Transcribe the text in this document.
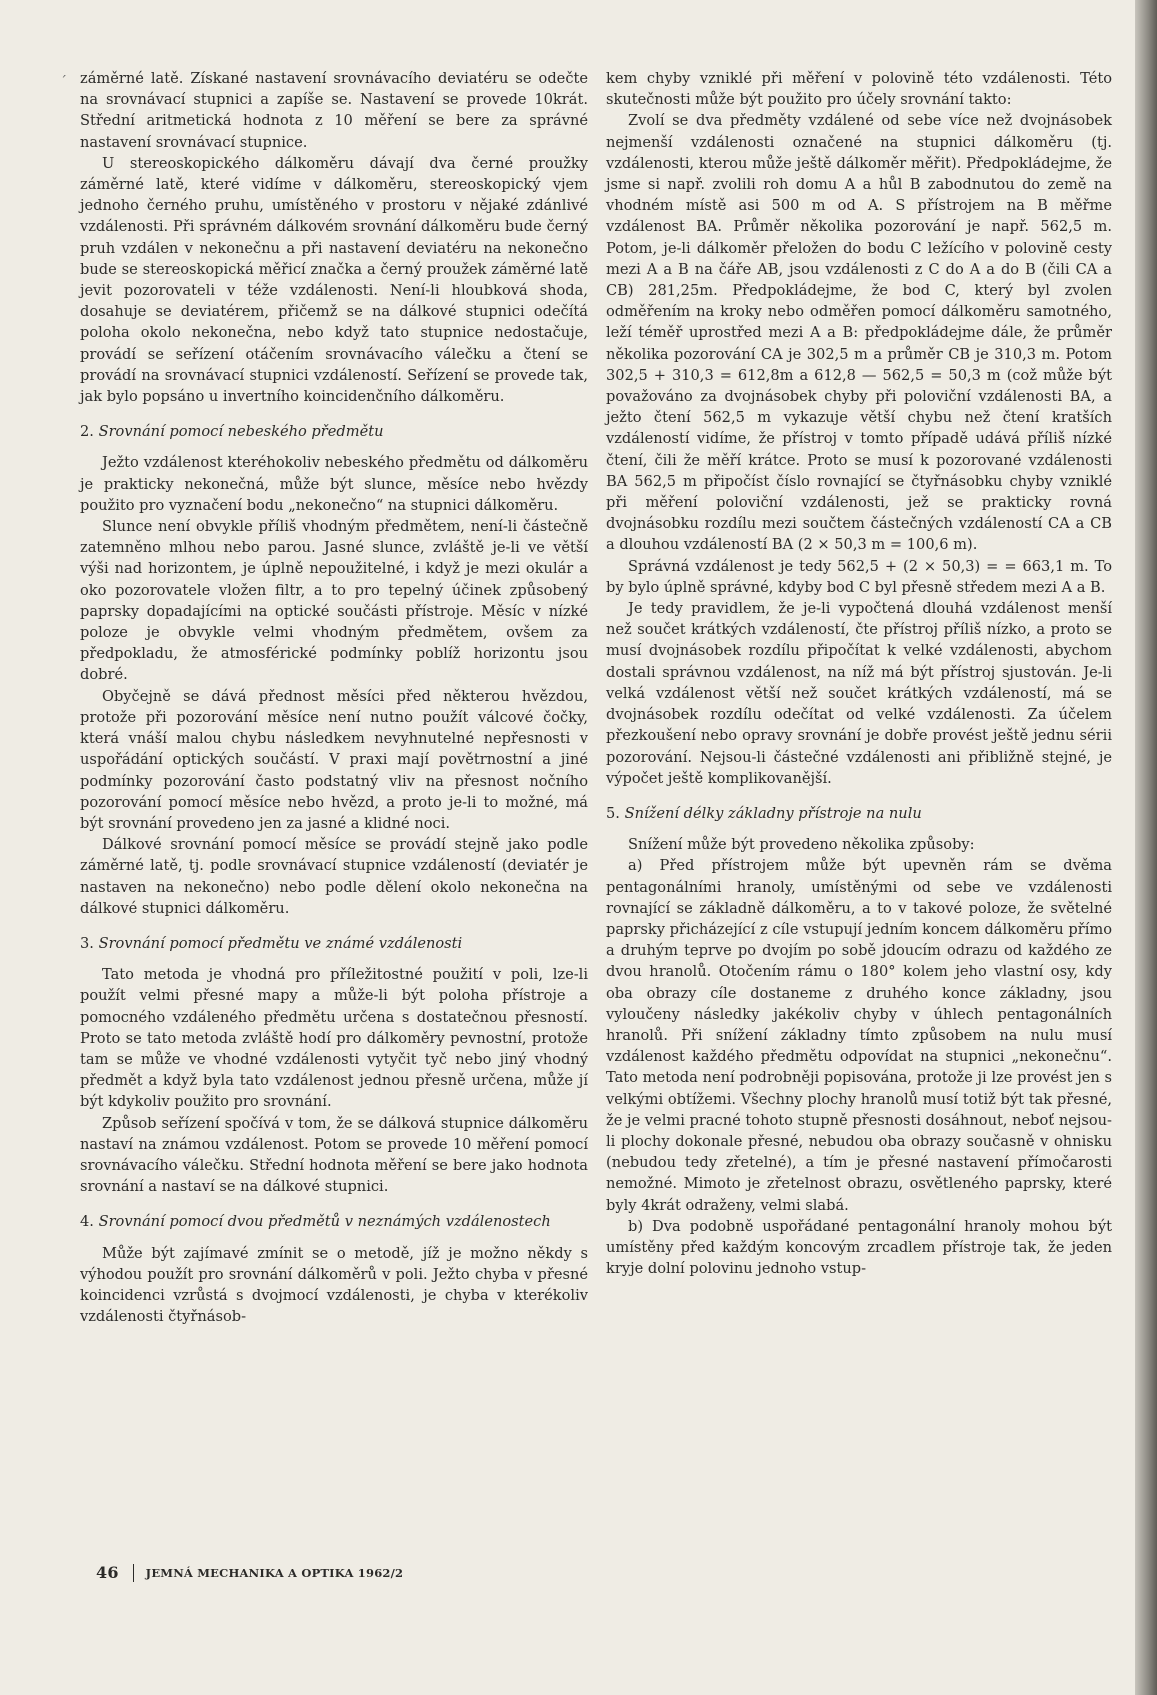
ˊ záměrné latě. Získané nastavení srovnávacího deviatéru se odečte na srovnávací stupnici a zapíše se. Nastavení se provede 10krát. Střední aritmetická hodnota z 10 měření se bere za správné nastavení srovnávací stupnice.

U stereoskopického dálkoměru dávají dva černé proužky záměrné latě, které vidíme v dálkoměru, stereoskopický vjem jednoho černého pruhu, umístěného v prostoru v nějaké zdánlivé vzdálenosti. Při správném dálkovém srovnání dálkoměru bude černý pruh vzdálen v nekonečnu a při nastavení deviatéru na nekonečno bude se stereoskopická měřicí značka a černý proužek záměrné latě jevit pozorovateli v téže vzdálenosti. Není-li hloubková shoda, dosahuje se deviatérem, přičemž se na dálkové stupnici odečítá poloha okolo nekonečna, nebo když tato stupnice nedostačuje, provádí se seřízení otáčením srovnávacího válečku a čtení se provádí na srovnávací stupnici vzdáleností. Seřízení se provede tak, jak bylo popsáno u invertního koincidenčního dálkoměru.

2. Srovnání pomocí nebeského předmětu

Ježto vzdálenost kteréhokoliv nebeského předmětu od dálkoměru je prakticky nekonečná, může být slunce, měsíce nebo hvězdy použito pro vyznačení bodu „nekonečno“ na stupnici dálkoměru.

Slunce není obvykle příliš vhodným předmětem, není-li částečně zatemněno mlhou nebo parou. Jasné slunce, zvláště je-li ve větší výši nad horizontem, je úplně nepoužitelné, i když je mezi okulár a oko pozorovatele vložen filtr, a to pro tepelný účinek způsobený paprsky dopadajícími na optické součásti přístroje. Měsíc v nízké poloze je obvykle velmi vhodným předmětem, ovšem za předpokladu, že atmosférické podmínky poblíž horizontu jsou dobré.

Obyčejně se dává přednost měsíci před některou hvězdou, protože při pozorování měsíce není nutno použít válcové čočky, která vnáší malou chybu následkem nevyhnutelné nepřesnosti v uspořádání optických součástí. V praxi mají povětrnostní a jiné podmínky pozorování často podstatný vliv na přesnost nočního pozorování pomocí měsíce nebo hvězd, a proto je-li to možné, má být srovnání provedeno jen za jasné a klidné noci.

Dálkové srovnání pomocí měsíce se provádí stejně jako podle záměrné latě, tj. podle srovnávací stupnice vzdáleností (deviatér je nastaven na nekonečno) nebo podle dělení okolo nekonečna na dálkové stupnici dálkoměru.

3. Srovnání pomocí předmětu ve známé vzdálenosti

Tato metoda je vhodná pro příležitostné použití v poli, lze-li použít velmi přesné mapy a může-li být poloha přístroje a pomocného vzdáleného předmětu určena s dostatečnou přesností. Proto se tato metoda zvláště hodí pro dálkoměry pevnostní, protože tam se může ve vhodné vzdálenosti vytyčit tyč nebo jiný vhodný předmět a když byla tato vzdálenost jednou přesně určena, může jí být kdykoliv použito pro srovnání.

Způsob seřízení spočívá v tom, že se dálková stupnice dálkoměru nastaví na známou vzdálenost. Potom se provede 10 měření pomocí srovnávacího válečku. Střední hodnota měření se bere jako hodnota srovnání a nastaví se na dálkové stupnici.

4. Srovnání pomocí dvou předmětů v neznámých vzdálenostech

Může být zajímavé zmínit se o metodě, jíž je možno někdy s výhodou použít pro srovnání dálkoměrů v poli. Ježto chyba v přesné koincidenci vzrůstá s dvojmocí vzdálenosti, je chyba v kterékoliv vzdálenosti čtyřnásob-

kem chyby vzniklé při měření v polovině této vzdálenosti. Této skutečnosti může být použito pro účely srovnání takto:

Zvolí se dva předměty vzdálené od sebe více než dvojnásobek nejmenší vzdálenosti označené na stupnici dálkoměru (tj. vzdálenosti, kterou může ještě dálkoměr měřit). Předpokládejme, že jsme si např. zvolili roh domu A a hůl B zabodnutou do země na vhodném místě asi 500 m od A. S přístrojem na B měřme vzdálenost BA. Průměr několika pozorování je např. 562,5 m. Potom, je-li dálkoměr přeložen do bodu C ležícího v polovině cesty mezi A a B na čáře AB, jsou vzdálenosti z C do A a do B (čili CA a CB) 281,25m. Předpokládejme, že bod C, který byl zvolen odměřením na kroky nebo odměřen pomocí dálkoměru samotného, leží téměř uprostřed mezi A a B: předpokládejme dále, že průměr několika pozorování CA je 302,5 m a průměr CB je 310,3 m. Potom 302,5 + 310,3 = 612,8m a 612,8 — 562,5 = 50,3 m (což může být považováno za dvojnásobek chyby při poloviční vzdálenosti BA, a ježto čtení 562,5 m vykazuje větší chybu než čtení kratších vzdáleností vidíme, že přístroj v tomto případě udává příliš nízké čtení, čili že měří krátce. Proto se musí k pozorované vzdálenosti BA 562,5 m připočíst číslo rovnající se čtyřnásobku chyby vzniklé při měření poloviční vzdálenosti, jež se prakticky rovná dvojnásobku rozdílu mezi součtem částečných vzdáleností CA a CB a dlouhou vzdáleností BA (2 × 50,3 m = 100,6 m).

Správná vzdálenost je tedy 562,5 + (2 × 50,3) = = 663,1 m. To by bylo úplně správné, kdyby bod C byl přesně středem mezi A a B.

Je tedy pravidlem, že je-li vypočtená dlouhá vzdálenost menší než součet krátkých vzdáleností, čte přístroj příliš nízko, a proto se musí dvojnásobek rozdílu připočítat k velké vzdálenosti, abychom dostali správnou vzdálenost, na níž má být přístroj sjustován. Je-li velká vzdálenost větší než součet krátkých vzdáleností, má se dvojnásobek rozdílu odečítat od velké vzdálenosti. Za účelem přezkoušení nebo opravy srovnání je dobře provést ještě jednu sérii pozorování. Nejsou-li částečné vzdálenosti ani přibližně stejné, je výpočet ještě komplikovanější.

5. Snížení délky základny přístroje na nulu

Snížení může být provedeno několika způsoby:

a) Před přístrojem může být upevněn rám se dvěma pentagonálními hranoly, umístěnými od sebe ve vzdálenosti rovnající se základně dálkoměru, a to v takové poloze, že světelné paprsky přicházející z cíle vstupují jedním koncem dálkoměru přímo a druhým teprve po dvojím po sobě jdoucím odrazu od každého ze dvou hranolů. Otočením rámu o 180° kolem jeho vlastní osy, kdy oba obrazy cíle dostaneme z druhého konce základny, jsou vyloučeny následky jakékoliv chyby v úhlech pentagonálních hranolů. Při snížení základny tímto způsobem na nulu musí vzdálenost každého předmětu odpovídat na stupnici „nekonečnu“. Tato metoda není podrobněji popisována, protože ji lze provést jen s velkými obtížemi. Všechny plochy hranolů musí totiž být tak přesné, že je velmi pracné tohoto stupně přesnosti dosáhnout, neboť nejsou-li plochy dokonale přesné, nebudou oba obrazy současně v ohnisku (nebudou tedy zřetelné), a tím je přesné nastavení přímočarosti nemožné. Mimoto je zřetelnost obrazu, osvětleného paprsky, které byly 4krát odraženy, velmi slabá.

b) Dva podobně uspořádané pentagonální hranoly mohou být umístěny před každým koncovým zrcadlem přístroje tak, že jeden kryje dolní polovinu jednoho vstup-

46 JEMNÁ MECHANIKA A OPTIKA 1962/2
